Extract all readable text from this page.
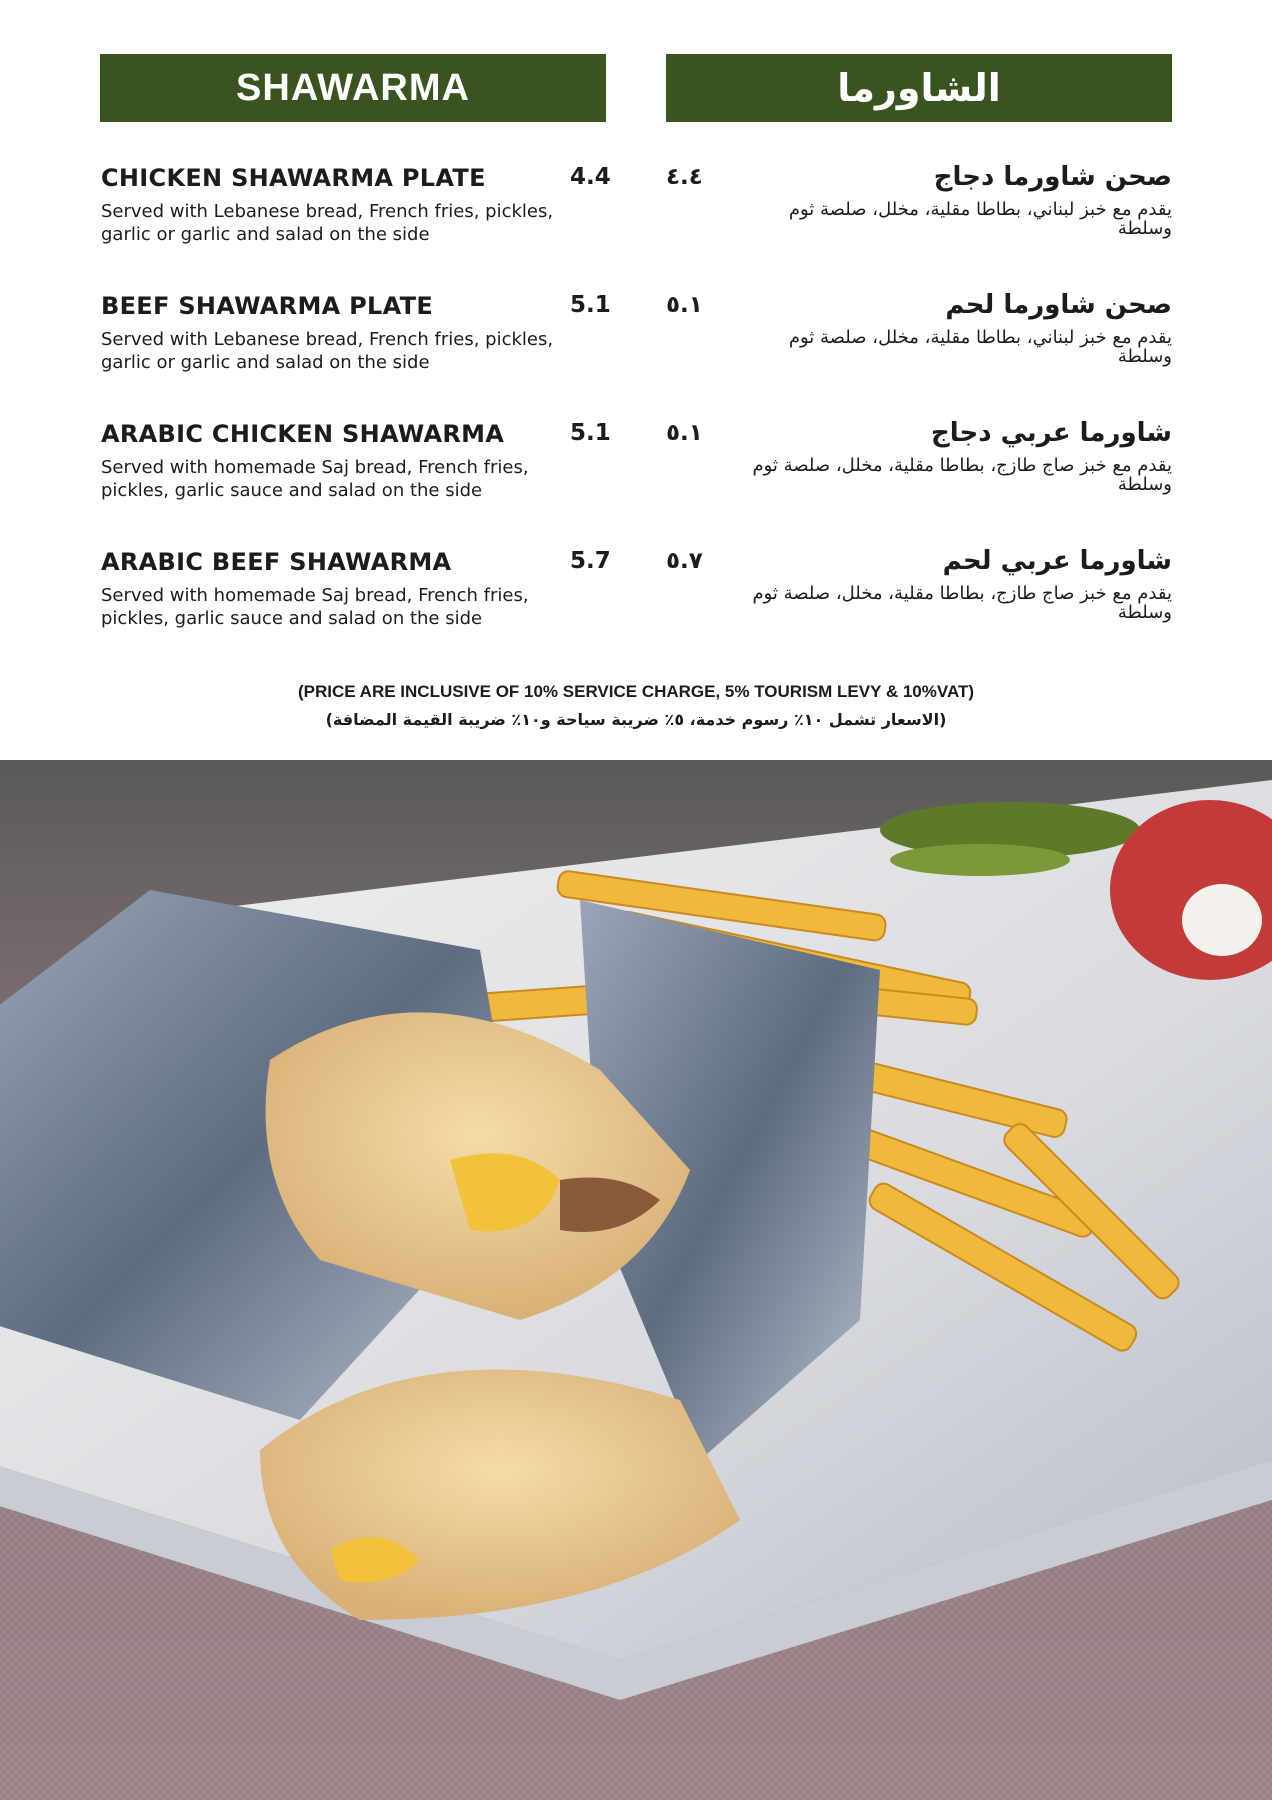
SHAWARMA	الشاورما
CHICKEN SHAWARMA PLATE	4.4
Served with Lebanese bread, French fries, pickles, garlic or garlic and salad on the side
٤.٤	صحن شاورما دجاج
يقدم مع خبز لبناني، بطاطا مقلية، مخلل، صلصة ثوم وسلطة
BEEF SHAWARMA PLATE	5.1
Served with Lebanese bread, French fries, pickles, garlic or garlic and salad on the side
٥.١	صحن شاورما لحم
يقدم مع خبز لبناني، بطاطا مقلية، مخلل، صلصة ثوم وسلطة
ARABIC CHICKEN SHAWARMA	5.1
Served with homemade Saj bread, French fries, pickles, garlic sauce and salad on the side
٥.١	شاورما عربي دجاج
يقدم مع خبز صاج طازج، بطاطا مقلية، مخلل، صلصة ثوم وسلطة
ARABIC BEEF SHAWARMA	5.7
Served with homemade Saj bread, French fries, pickles, garlic sauce and salad on the side
٥.٧	شاورما عربي لحم
يقدم مع خبز صاج طازج، بطاطا مقلية، مخلل، صلصة ثوم وسلطة
(PRICE ARE INCLUSIVE OF 10% SERVICE CHARGE, 5% TOURISM LEVY & 10%VAT)
(الاسعار تشمل ١٠٪ رسوم خدمة، ٥٪ ضريبة سياحة و١٠٪ ضريبة القيمة المضافة)
